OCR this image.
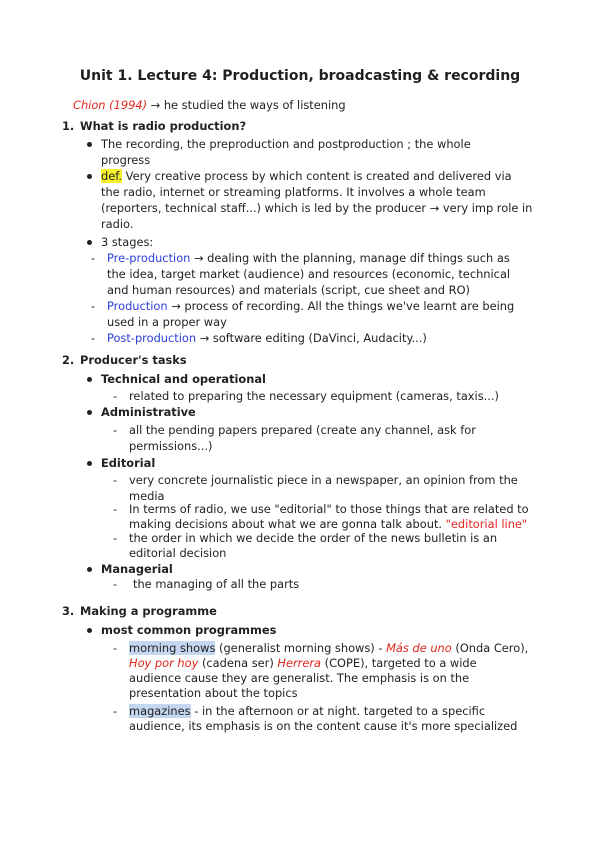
Unit 1. Lecture 4: Production, broadcasting & recording
Chion (1994) → he studied the ways of listening
1. What is radio production?
The recording, the preproduction and postproduction ; the whole
progress
def. Very creative process by which content is created and delivered via
the radio, internet or streaming platforms. It involves a whole team
(reporters, technical staff...) which is led by the producer → very imp role in
radio.
3 stages:
- Pre-production → dealing with the planning, manage dif things such as
the idea, target market (audience) and resources (economic, technical
and human resources) and materials (script, cue sheet and RO)
- Production → process of recording. All the things we've learnt are being
used in a proper way
- Post-production → software editing (DaVinci, Audacity...)
2. Producer's tasks
Technical and operational
- related to preparing the necessary equipment (cameras, taxis...)
Administrative
- all the pending papers prepared (create any channel, ask for
permissions...)
Editorial
- very concrete journalistic piece in a newspaper, an opinion from the
media
- In terms of radio, we use "editorial" to those things that are related to
making decisions about what we are gonna talk about. "editorial line"
- the order in which we decide the order of the news bulletin is an
editorial decision
Managerial
- the managing of all the parts
3. Making a programme
most common programmes
- morning shows (generalist morning shows) - Más de uno (Onda Cero),
Hoy por hoy (cadena ser) Herrera (COPE), targeted to a wide
audience cause they are generalist. The emphasis is on the
presentation about the topics
- magazines - in the afternoon or at night. targeted to a specific
audience, its emphasis is on the content cause it's more specialized
